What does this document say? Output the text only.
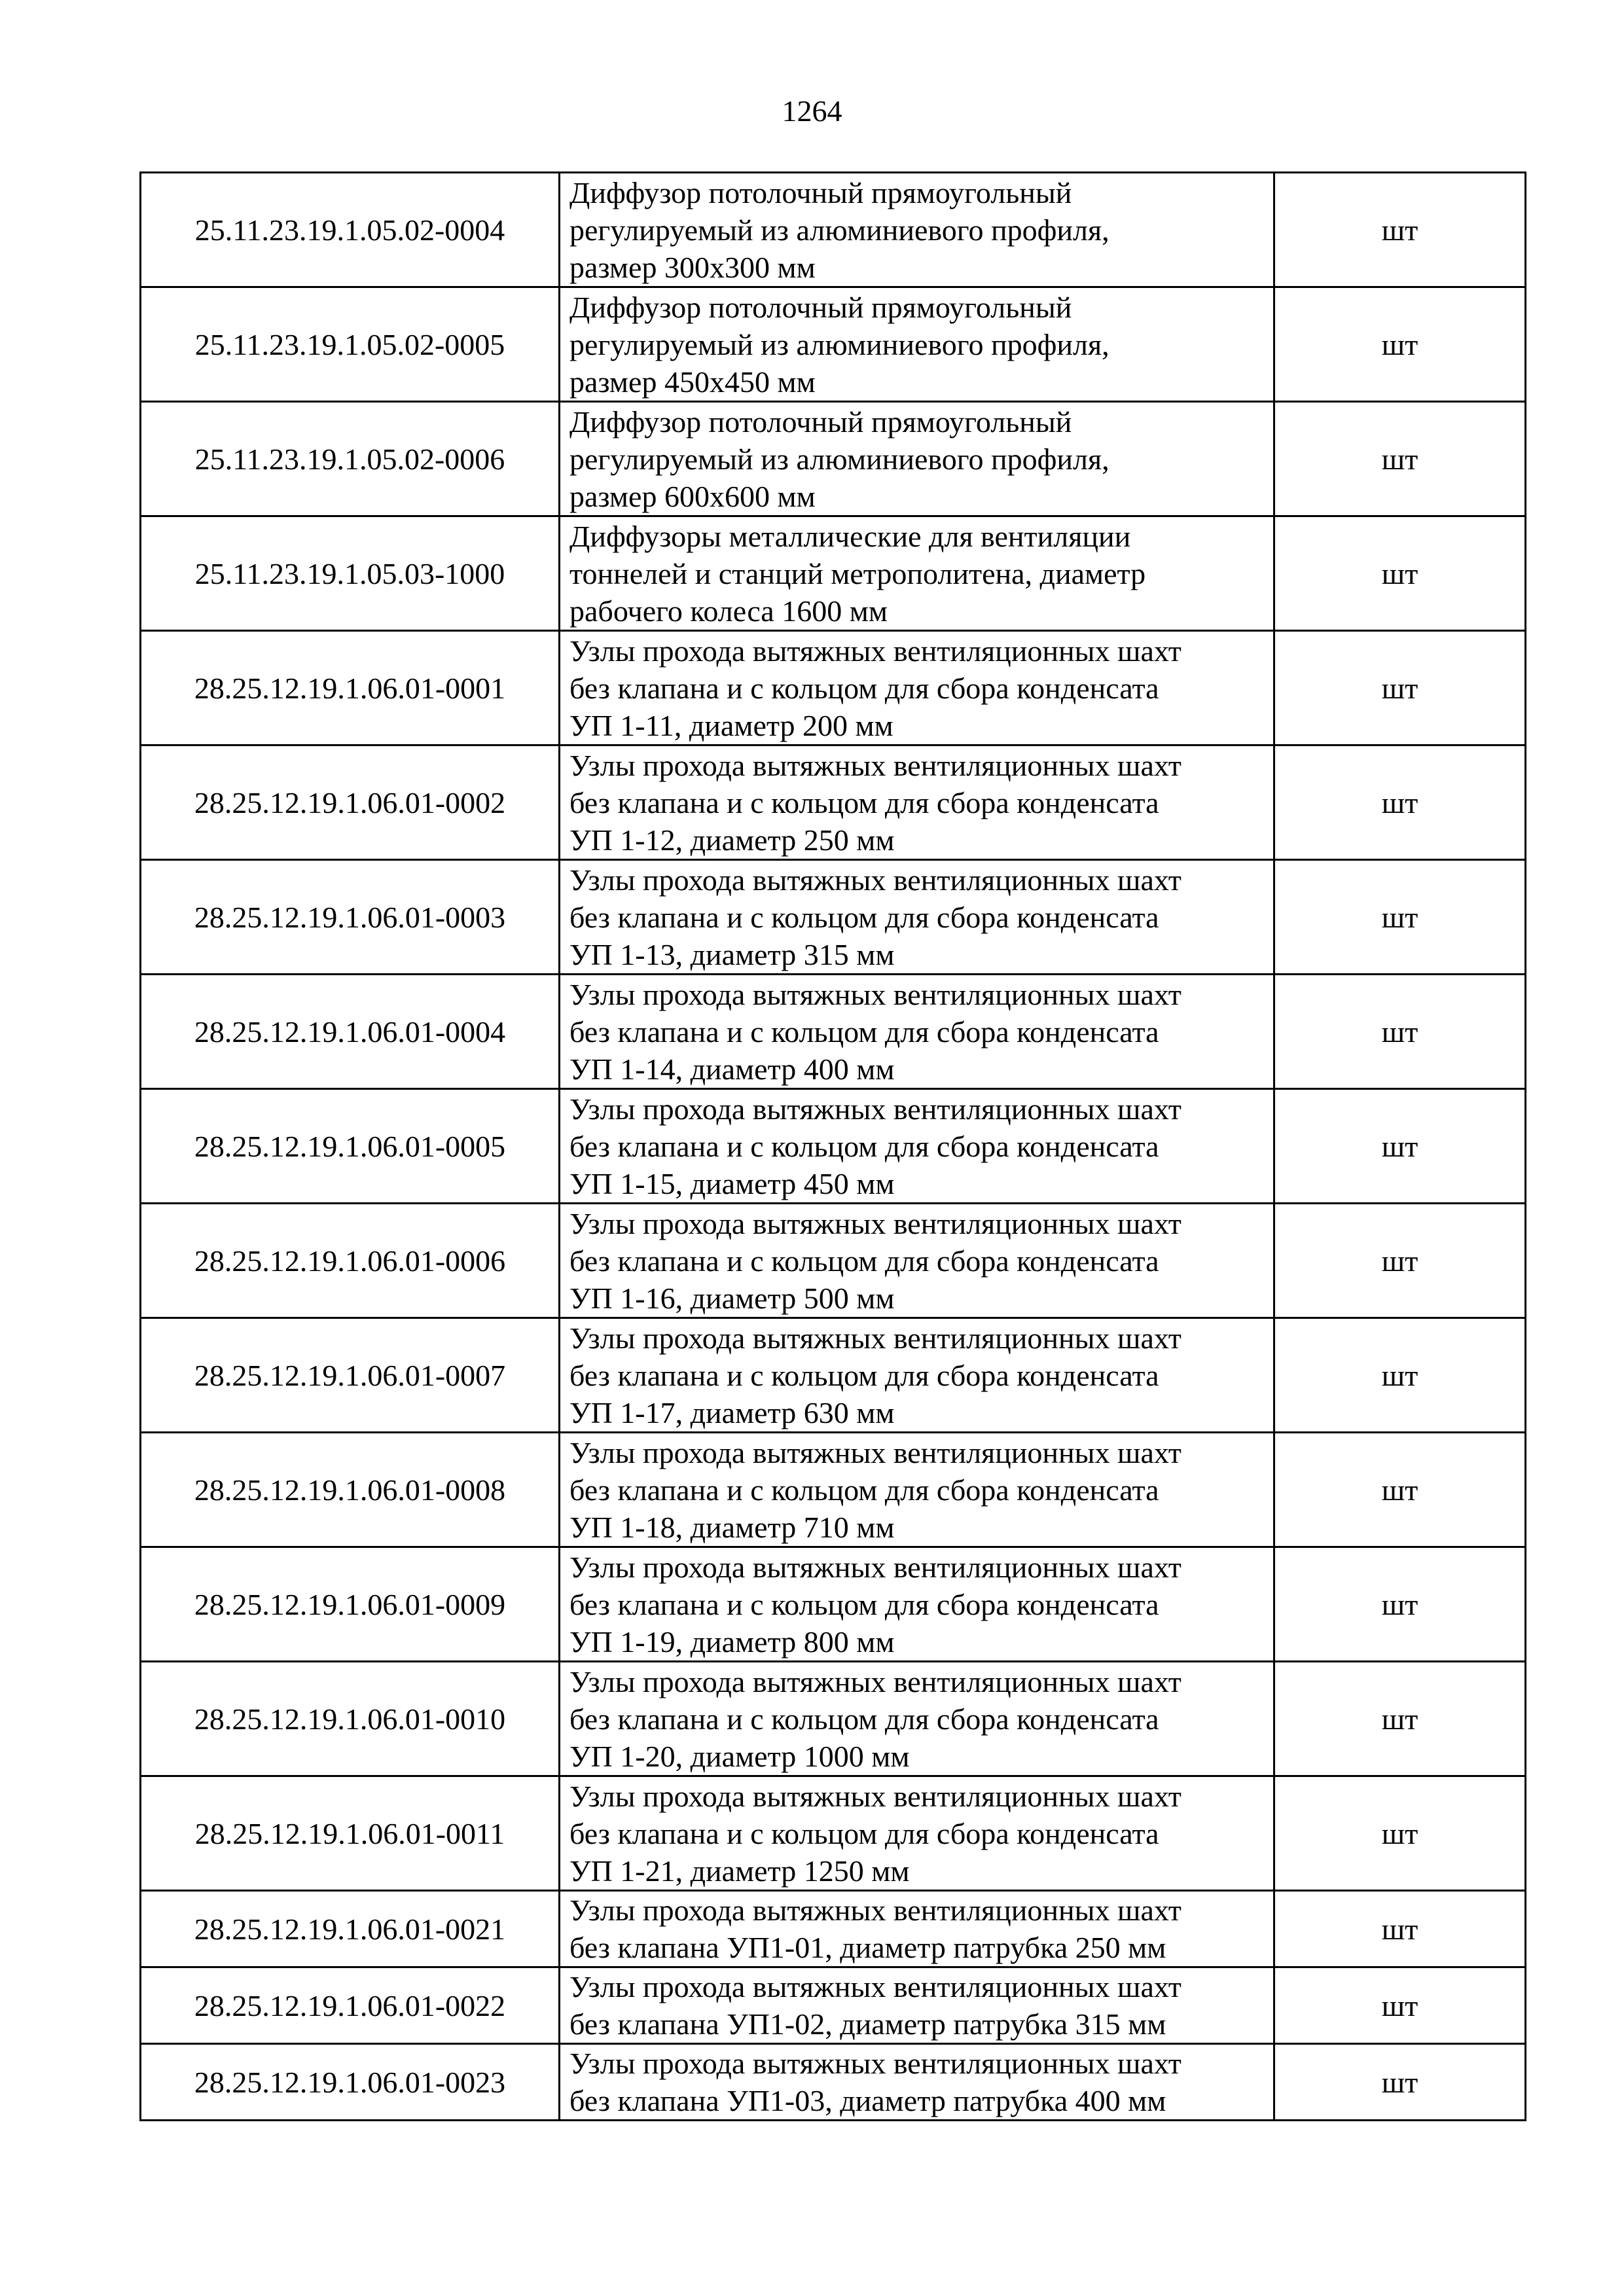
1264
25.11.23.19.1.05.02-0004	Диффузор потолочный прямоугольный
регулируемый из алюминиевого профиля,
размер 300х300 мм	шт
25.11.23.19.1.05.02-0005	Диффузор потолочный прямоугольный
регулируемый из алюминиевого профиля,
размер 450х450 мм	шт
25.11.23.19.1.05.02-0006	Диффузор потолочный прямоугольный
регулируемый из алюминиевого профиля,
размер 600х600 мм	шт
25.11.23.19.1.05.03-1000	Диффузоры металлические для вентиляции
тоннелей и станций метрополитена, диаметр
рабочего колеса 1600 мм	шт
28.25.12.19.1.06.01-0001	Узлы прохода вытяжных вентиляционных шахт
без клапана и с кольцом для сбора конденсата
УП 1-11, диаметр 200 мм	шт
28.25.12.19.1.06.01-0002	Узлы прохода вытяжных вентиляционных шахт
без клапана и с кольцом для сбора конденсата
УП 1-12, диаметр 250 мм	шт
28.25.12.19.1.06.01-0003	Узлы прохода вытяжных вентиляционных шахт
без клапана и с кольцом для сбора конденсата
УП 1-13, диаметр 315 мм	шт
28.25.12.19.1.06.01-0004	Узлы прохода вытяжных вентиляционных шахт
без клапана и с кольцом для сбора конденсата
УП 1-14, диаметр 400 мм	шт
28.25.12.19.1.06.01-0005	Узлы прохода вытяжных вентиляционных шахт
без клапана и с кольцом для сбора конденсата
УП 1-15, диаметр 450 мм	шт
28.25.12.19.1.06.01-0006	Узлы прохода вытяжных вентиляционных шахт
без клапана и с кольцом для сбора конденсата
УП 1-16, диаметр 500 мм	шт
28.25.12.19.1.06.01-0007	Узлы прохода вытяжных вентиляционных шахт
без клапана и с кольцом для сбора конденсата
УП 1-17, диаметр 630 мм	шт
28.25.12.19.1.06.01-0008	Узлы прохода вытяжных вентиляционных шахт
без клапана и с кольцом для сбора конденсата
УП 1-18, диаметр 710 мм	шт
28.25.12.19.1.06.01-0009	Узлы прохода вытяжных вентиляционных шахт
без клапана и с кольцом для сбора конденсата
УП 1-19, диаметр 800 мм	шт
28.25.12.19.1.06.01-0010	Узлы прохода вытяжных вентиляционных шахт
без клапана и с кольцом для сбора конденсата
УП 1-20, диаметр 1000 мм	шт
28.25.12.19.1.06.01-0011	Узлы прохода вытяжных вентиляционных шахт
без клапана и с кольцом для сбора конденсата
УП 1-21, диаметр 1250 мм	шт
28.25.12.19.1.06.01-0021	Узлы прохода вытяжных вентиляционных шахт
без клапана УП1-01, диаметр патрубка 250 мм	шт
28.25.12.19.1.06.01-0022	Узлы прохода вытяжных вентиляционных шахт
без клапана УП1-02, диаметр патрубка 315 мм	шт
28.25.12.19.1.06.01-0023	Узлы прохода вытяжных вентиляционных шахт
без клапана УП1-03, диаметр патрубка 400 мм	шт
